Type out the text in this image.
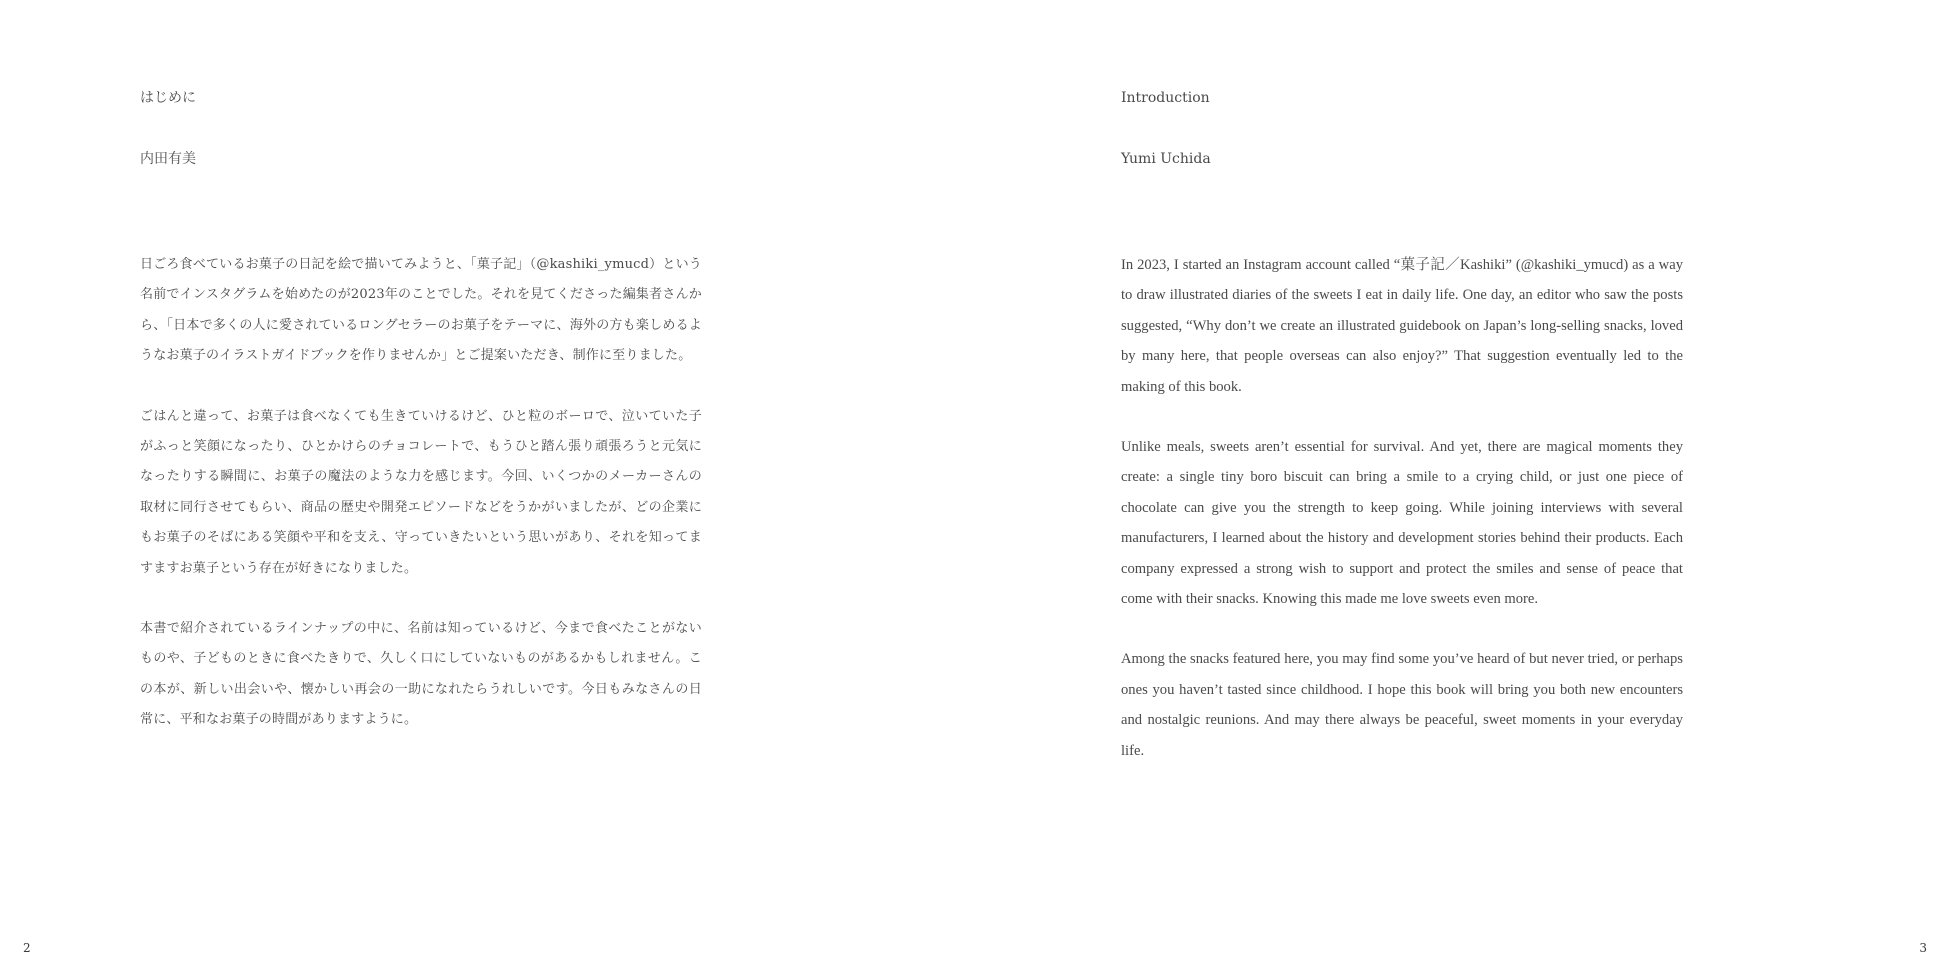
はじめに
内田有美

日ごろ食べているお菓子の日記を絵で描いてみようと、「菓子記」（@kashiki_ymucd）という名前でインスタグラムを始めたのが2023年のことでした。それを見てくださった編集者さんから、「日本で多くの人に愛されているロングセラーのお菓子をテーマに、海外の方も楽しめるようなお菓子のイラストガイドブックを作りませんか」とご提案いただき、制作に至りました。

ごはんと違って、お菓子は食べなくても生きていけるけど、ひと粒のボーロで、泣いていた子がふっと笑顔になったり、ひとかけらのチョコレートで、もうひと踏ん張り頑張ろうと元気になったりする瞬間に、お菓子の魔法のような力を感じます。今回、いくつかのメーカーさんの取材に同行させてもらい、商品の歴史や開発エピソードなどをうかがいましたが、どの企業にもお菓子のそばにある笑顔や平和を支え、守っていきたいという思いがあり、それを知ってますますお菓子という存在が好きになりました。

本書で紹介されているラインナップの中に、名前は知っているけど、今まで食べたことがないものや、子どものときに食べたきりで、久しく口にしていないものがあるかもしれません。この本が、新しい出会いや、懐かしい再会の一助になれたらうれしいです。今日もみなさんの日常に、平和なお菓子の時間がありますように。

2
Introduction
Yumi Uchida

In 2023, I started an Instagram account called “菓子記／Kashiki” (@kashiki_ymucd) as a way to draw illustrated diaries of the sweets I eat in daily life. One day, an editor who saw the posts suggested, “Why don’t we create an illustrated guidebook on Japan’s long-selling snacks, loved by many here, that people overseas can also enjoy?” That suggestion eventually led to the making of this book.

Unlike meals, sweets aren’t essential for survival. And yet, there are magical moments they create: a single tiny boro biscuit can bring a smile to a crying child, or just one piece of chocolate can give you the strength to keep going. While joining interviews with several manufacturers, I learned about the history and development stories behind their products. Each company expressed a strong wish to support and protect the smiles and sense of peace that come with their snacks. Knowing this made me love sweets even more.

Among the snacks featured here, you may find some you’ve heard of but never tried, or perhaps ones you haven’t tasted since childhood. I hope this book will bring you both new encounters and nostalgic reunions. And may there always be peaceful, sweet moments in your everyday life.

3
